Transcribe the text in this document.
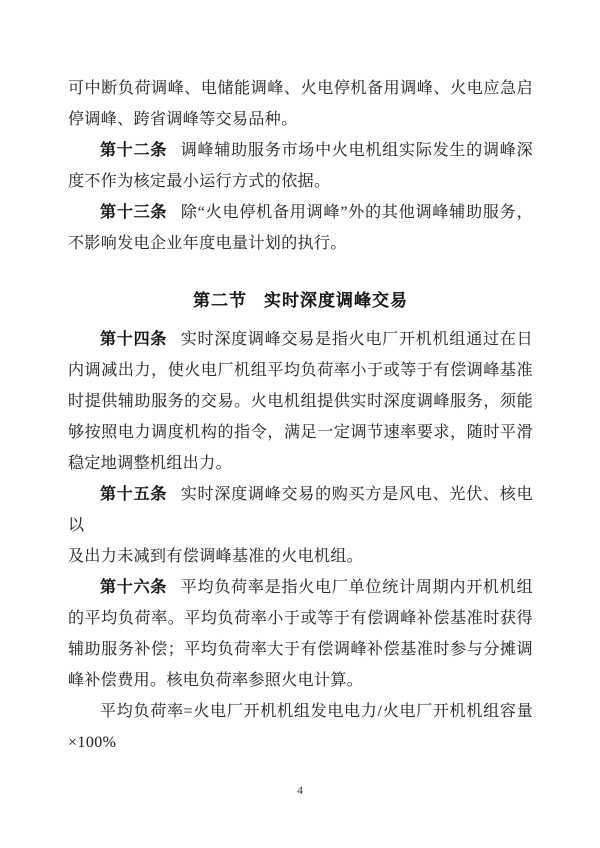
可中断负荷调峰、电储能调峰、火电停机备用调峰、火电应急启
停调峰、跨省调峰等交易品种。
第十二条 调峰辅助服务市场中火电机组实际发生的调峰深
度不作为核定最小运行方式的依据。
第十三条 除“火电停机备用调峰”外的其他调峰辅助服务，
不影响发电企业年度电量计划的执行。
第二节 实时深度调峰交易
第十四条 实时深度调峰交易是指火电厂开机机组通过在日
内调减出力，使火电厂机组平均负荷率小于或等于有偿调峰基准
时提供辅助服务的交易。火电机组提供实时深度调峰服务，须能
够按照电力调度机构的指令，满足一定调节速率要求，随时平滑
稳定地调整机组出力。
第十五条 实时深度调峰交易的购买方是风电、光伏、核电以
及出力未减到有偿调峰基准的火电机组。
第十六条 平均负荷率是指火电厂单位统计周期内开机机组
的平均负荷率。平均负荷率小于或等于有偿调峰补偿基准时获得
辅助服务补偿；平均负荷率大于有偿调峰补偿基准时参与分摊调
峰补偿费用。核电负荷率参照火电计算。
平均负荷率=火电厂开机机组发电电力/火电厂开机机组容量
×100%
4
